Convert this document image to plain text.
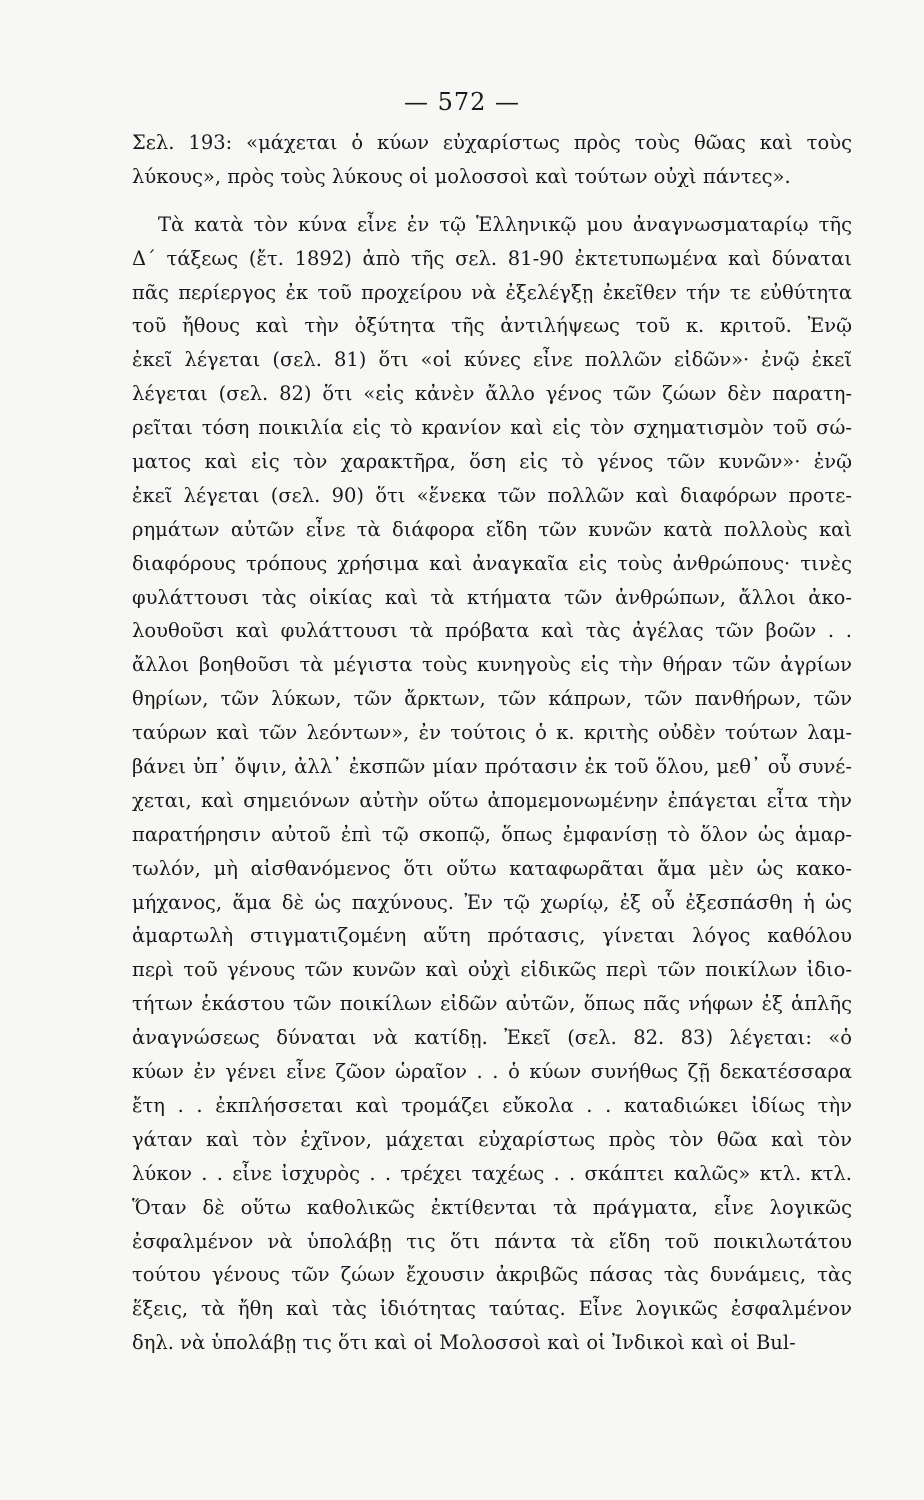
— 572 —
Σελ. 193: «μάχεται ὁ κύων εὐχαρίστως πρὸς τοὺς θῶας καὶ τοὺς
λύκους», πρὸς τοὺς λύκους οἱ μολοσσοὶ καὶ τούτων οὐχὶ πάντες».
Τὰ κατὰ τὸν κύνα εἶνε ἐν τῷ Ἑλληνικῷ μου ἀναγνωσματαρίῳ τῆς
Δ΄ τάξεως (ἔτ. 1892) ἀπὸ τῆς σελ. 81-90 ἐκτετυπωμένα καὶ δύναται
πᾶς περίεργος ἐκ τοῦ προχείρου νὰ ἐξελέγξῃ ἐκεῖθεν τήν τε εὐθύτητα
τοῦ ἤθους καὶ τὴν ὀξύτητα τῆς ἀντιλήψεως τοῦ κ. κριτοῦ. Ἐνῷ
ἐκεῖ λέγεται (σελ. 81) ὅτι «οἱ κύνες εἶνε πολλῶν εἰδῶν»· ἐνῷ ἐκεῖ
λέγεται (σελ. 82) ὅτι «εἰς κἀνὲν ἄλλο γένος τῶν ζώων δὲν παρατη-
ρεῖται τόση ποικιλία εἰς τὸ κρανίον καὶ εἰς τὸν σχηματισμὸν τοῦ σώ-
ματος καὶ εἰς τὸν χαρακτῆρα, ὅση εἰς τὸ γένος τῶν κυνῶν»· ἐνῷ
ἐκεῖ λέγεται (σελ. 90) ὅτι «ἕνεκα τῶν πολλῶν καὶ διαφόρων προτε-
ρημάτων αὐτῶν εἶνε τὰ διάφορα εἴδη τῶν κυνῶν κατὰ πολλοὺς καὶ
διαφόρους τρόπους χρήσιμα καὶ ἀναγκαῖα εἰς τοὺς ἀνθρώπους· τινὲς
φυλάττουσι τὰς οἰκίας καὶ τὰ κτήματα τῶν ἀνθρώπων, ἄλλοι ἀκο-
λουθοῦσι καὶ φυλάττουσι τὰ πρόβατα καὶ τὰς ἀγέλας τῶν βοῶν . .
ἄλλοι βοηθοῦσι τὰ μέγιστα τοὺς κυνηγοὺς εἰς τὴν θήραν τῶν ἀγρίων
θηρίων, τῶν λύκων, τῶν ἄρκτων, τῶν κάπρων, τῶν πανθήρων, τῶν
ταύρων καὶ τῶν λεόντων», ἐν τούτοις ὁ κ. κριτὴς οὐδὲν τούτων λαμ-
βάνει ὑπ᾽ ὄψιν, ἀλλ᾽ ἐκσπῶν μίαν πρότασιν ἐκ τοῦ ὅλου, μεθ᾽ οὗ συνέ-
χεται, καὶ σημειόνων αὐτὴν οὕτω ἀπομεμονωμένην ἐπάγεται εἶτα τὴν
παρατήρησιν αὐτοῦ ἐπὶ τῷ σκοπῷ, ὅπως ἐμφανίσῃ τὸ ὅλον ὡς ἁμαρ-
τωλόν, μὴ αἰσθανόμενος ὅτι οὕτω καταφωρᾶται ἅμα μὲν ὡς κακο-
μήχανος, ἅμα δὲ ὡς παχύνους. Ἐν τῷ χωρίῳ, ἐξ οὗ ἐξεσπάσθη ἡ ὡς
ἁμαρτωλὴ στιγματιζομένη αὕτη πρότασις, γίνεται λόγος καθόλου
περὶ τοῦ γένους τῶν κυνῶν καὶ οὐχὶ εἰδικῶς περὶ τῶν ποικίλων ἰδιο-
τήτων ἑκάστου τῶν ποικίλων εἰδῶν αὐτῶν, ὅπως πᾶς νήφων ἐξ ἁπλῆς
ἀναγνώσεως δύναται νὰ κατίδῃ. Ἐκεῖ (σελ. 82. 83) λέγεται: «ὁ
κύων ἐν γένει εἶνε ζῶον ὡραῖον . . ὁ κύων συνήθως ζῇ δεκατέσσαρα
ἔτη . . ἐκπλήσσεται καὶ τρομάζει εὔκολα . . καταδιώκει ἰδίως τὴν
γάταν καὶ τὸν ἐχῖνον, μάχεται εὐχαρίστως πρὸς τὸν θῶα καὶ τὸν
λύκον . . εἶνε ἰσχυρὸς . . τρέχει ταχέως . . σκάπτει καλῶς» κτλ. κτλ.
Ὅταν δὲ οὕτω καθολικῶς ἐκτίθενται τὰ πράγματα, εἶνε λογικῶς
ἐσφαλμένον νὰ ὑπολάβῃ τις ὅτι πάντα τὰ εἴδη τοῦ ποικιλωτάτου
τούτου γένους τῶν ζώων ἔχουσιν ἀκριβῶς πάσας τὰς δυνάμεις, τὰς
ἕξεις, τὰ ἤθη καὶ τὰς ἰδιότητας ταύτας. Εἶνε λογικῶς ἐσφαλμένον
δηλ. νὰ ὑπολάβῃ τις ὅτι καὶ οἱ Μολοσσοὶ καὶ οἱ Ἰνδικοὶ καὶ οἱ Bul-
